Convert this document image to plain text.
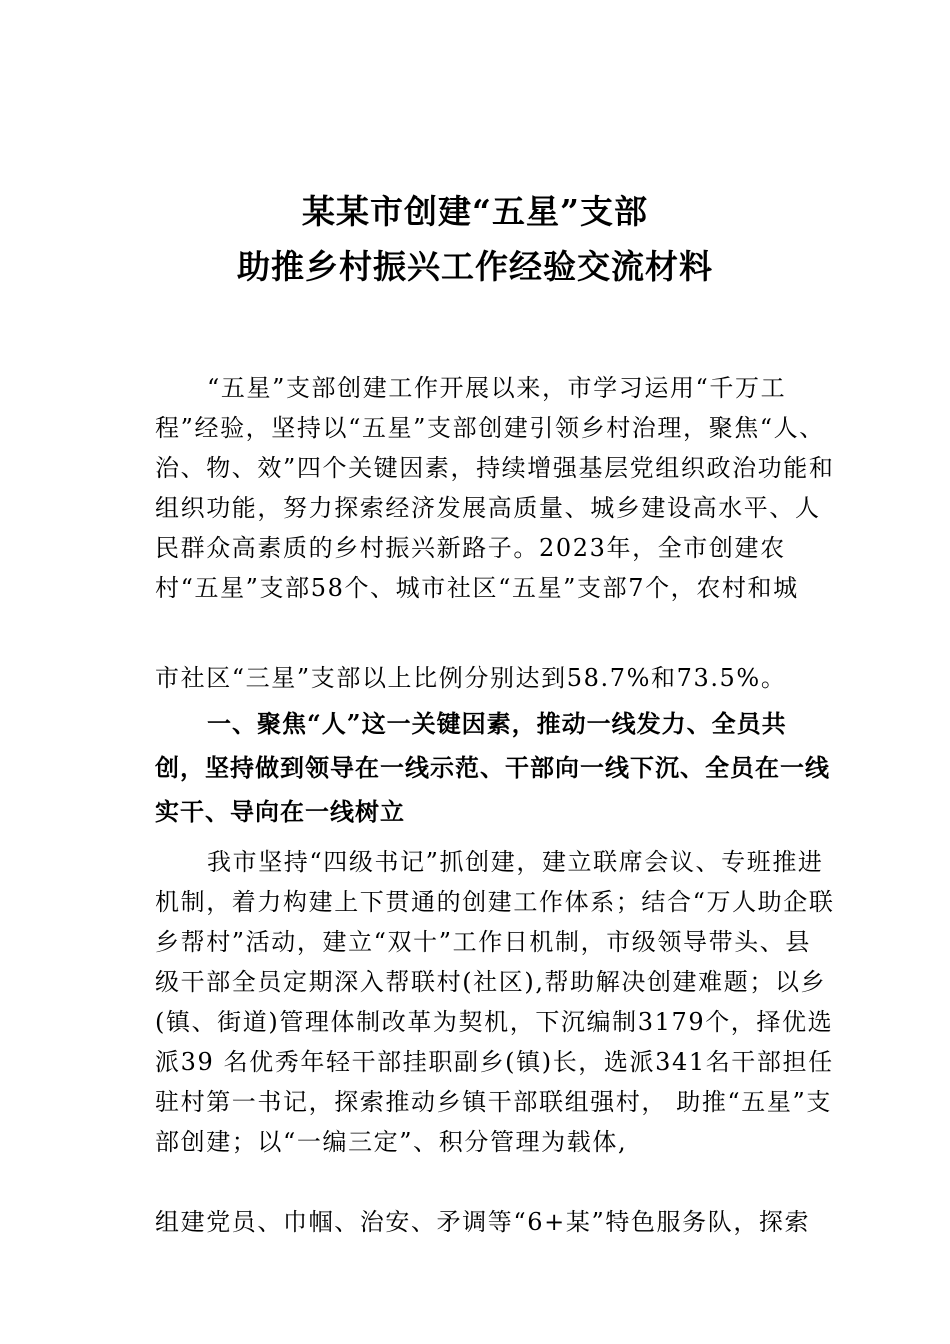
某某市创建“五星”支部
助推乡村振兴工作经验交流材料

“五星”支部创建工作开展以来，市学习运用“千万工程”经验，坚持以“五星”支部创建引领乡村治理，聚焦“人、治、物、效”四个关键因素，持续增强基层党组织政治功能和组织功能，努力探索经济发展高质量、城乡建设高水平、人民群众高素质的乡村振兴新路子。2023年，全市创建农村“五星”支部58个、城市社区“五星”支部7个，农村和城

市社区“三星”支部以上比例分别达到58.7%和73.5%。

一、聚焦“人”这一关键因素，推动一线发力、全员共创，坚持做到领导在一线示范、干部向一线下沉、全员在一线实干、导向在一线树立

我市坚持“四级书记”抓创建，建立联席会议、专班推进机制，着力构建上下贯通的创建工作体系；结合“万人助企联乡帮村”活动，建立“双十”工作日机制，市级领导带头、县级干部全员定期深入帮联村(社区),帮助解决创建难题；以乡(镇、街道)管理体制改革为契机，下沉编制3179个，择优选派39 名优秀年轻干部挂职副乡(镇)长，选派341名干部担任驻村第一书记，探索推动乡镇干部联组强村， 助推“五星”支部创建；以“一编三定”、积分管理为载体,

组建党员、巾帼、治安、矛调等“6+某”特色服务队，探索
